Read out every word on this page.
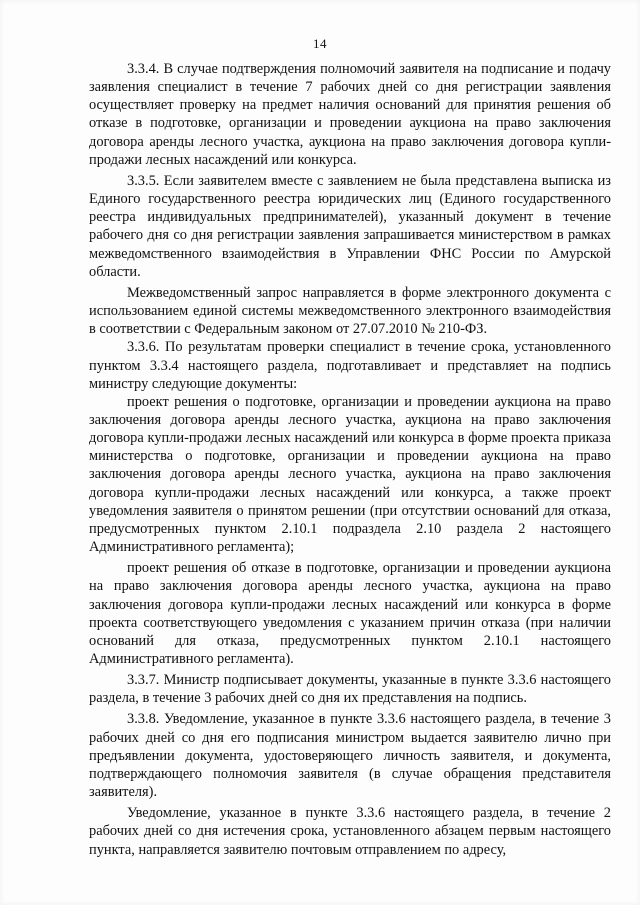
14

3.3.4. В случае подтверждения полномочий заявителя на подписание и подачу заявления специалист в течение 7 рабочих дней со дня регистрации заявления осуществляет проверку на предмет наличия оснований для принятия решения об отказе в подготовке, организации и проведении аукциона на право заключения договора аренды лесного участка, аукциона на право заключения договора купли-продажи лесных насаждений или конкурса.

3.3.5. Если заявителем вместе с заявлением не была представлена выписка из Единого государственного реестра юридических лиц (Единого государственного реестра индивидуальных предпринимателей), указанный документ в течение рабочего дня со дня регистрации заявления запрашивается министерством в рамках межведомственного взаимодействия в Управлении ФНС России по Амурской области.

Межведомственный запрос направляется в форме электронного документа с использованием единой системы межведомственного электронного взаимодействия в соответствии с Федеральным законом от 27.07.2010 № 210-ФЗ.

3.3.6. По результатам проверки специалист в течение срока, установленного пунктом 3.3.4 настоящего раздела, подготавливает и представляет на подпись министру следующие документы:

проект решения о подготовке, организации и проведении аукциона на право заключения договора аренды лесного участка, аукциона на право заключения договора купли-продажи лесных насаждений или конкурса в форме проекта приказа министерства о подготовке, организации и проведении аукциона на право заключения договора аренды лесного участка, аукциона на право заключения договора купли-продажи лесных насаждений или конкурса, а также проект уведомления заявителя о принятом решении (при отсутствии оснований для отказа, предусмотренных пунктом 2.10.1 подраздела 2.10 раздела 2 настоящего Административного регламента);

проект решения об отказе в подготовке, организации и проведении аукциона на право заключения договора аренды лесного участка, аукциона на право заключения договора купли-продажи лесных насаждений или конкурса в форме проекта соответствующего уведомления с указанием причин отказа (при наличии оснований для отказа, предусмотренных пунктом 2.10.1 настоящего Административного регламента).

3.3.7. Министр подписывает документы, указанные в пункте 3.3.6 настоящего раздела, в течение 3 рабочих дней со дня их представления на подпись.

3.3.8. Уведомление, указанное в пункте 3.3.6 настоящего раздела, в течение 3 рабочих дней со дня его подписания министром выдается заявителю лично при предъявлении документа, удостоверяющего личность заявителя, и документа, подтверждающего полномочия заявителя (в случае обращения представителя заявителя).

Уведомление, указанное в пункте 3.3.6 настоящего раздела, в течение 2 рабочих дней со дня истечения срока, установленного абзацем первым настоящего пункта, направляется заявителю почтовым отправлением по адресу,
